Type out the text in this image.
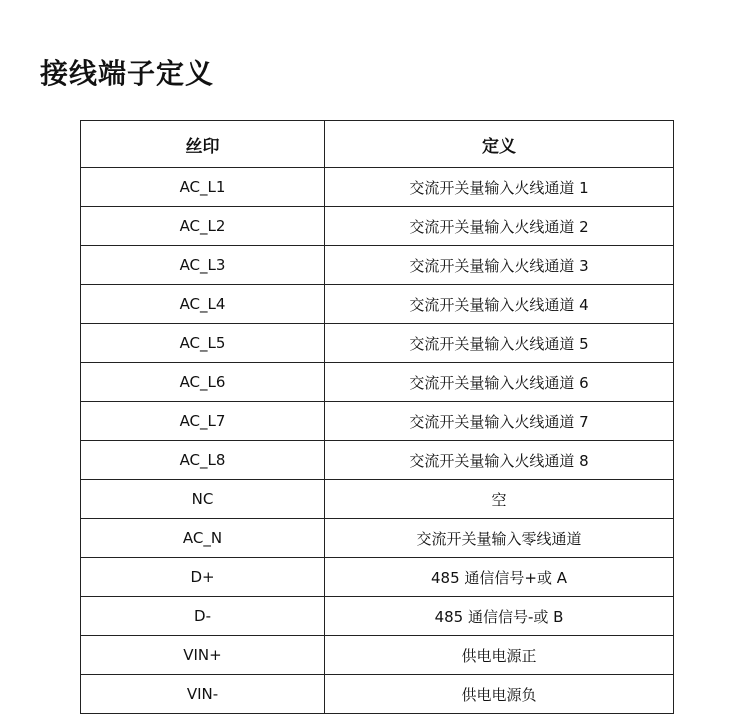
接线端子定义
丝印	定义
AC_L1	交流开关量输入火线通道 1
AC_L2	交流开关量输入火线通道 2
AC_L3	交流开关量输入火线通道 3
AC_L4	交流开关量输入火线通道 4
AC_L5	交流开关量输入火线通道 5
AC_L6	交流开关量输入火线通道 6
AC_L7	交流开关量输入火线通道 7
AC_L8	交流开关量输入火线通道 8
NC	空
AC_N	交流开关量输入零线通道
D+	485 通信信号+或 A
D-	485 通信信号-或 B
VIN+	供电电源正
VIN-	供电电源负
